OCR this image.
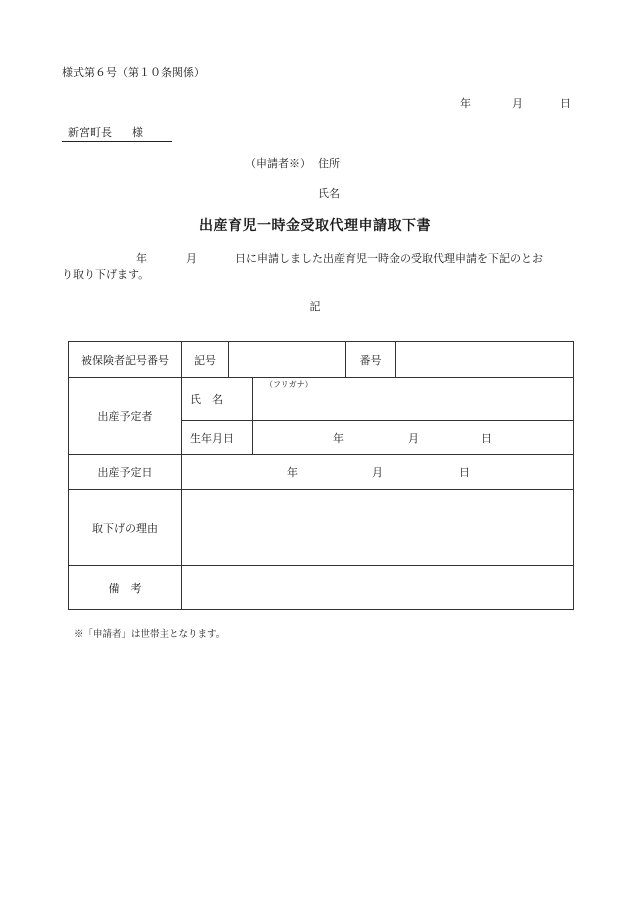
様式第６号（第１０条関係）
年	月	日
新宮町長 様
（申請者※） 住所
氏名
出産育児一時金受取代理申請取下書
年	月	日に申請しました出産育児一時金の受取代理申請を下記のとお
り取り下げます。
記
被保険者記号番号	記号			番号	
出産予定者	氏　名		（フリガナ）		

	生年月日		年 月 日		

出産予定日	年 月 日				

取下げの理由					
備　考					
※「申請者」は世帯主となります。
